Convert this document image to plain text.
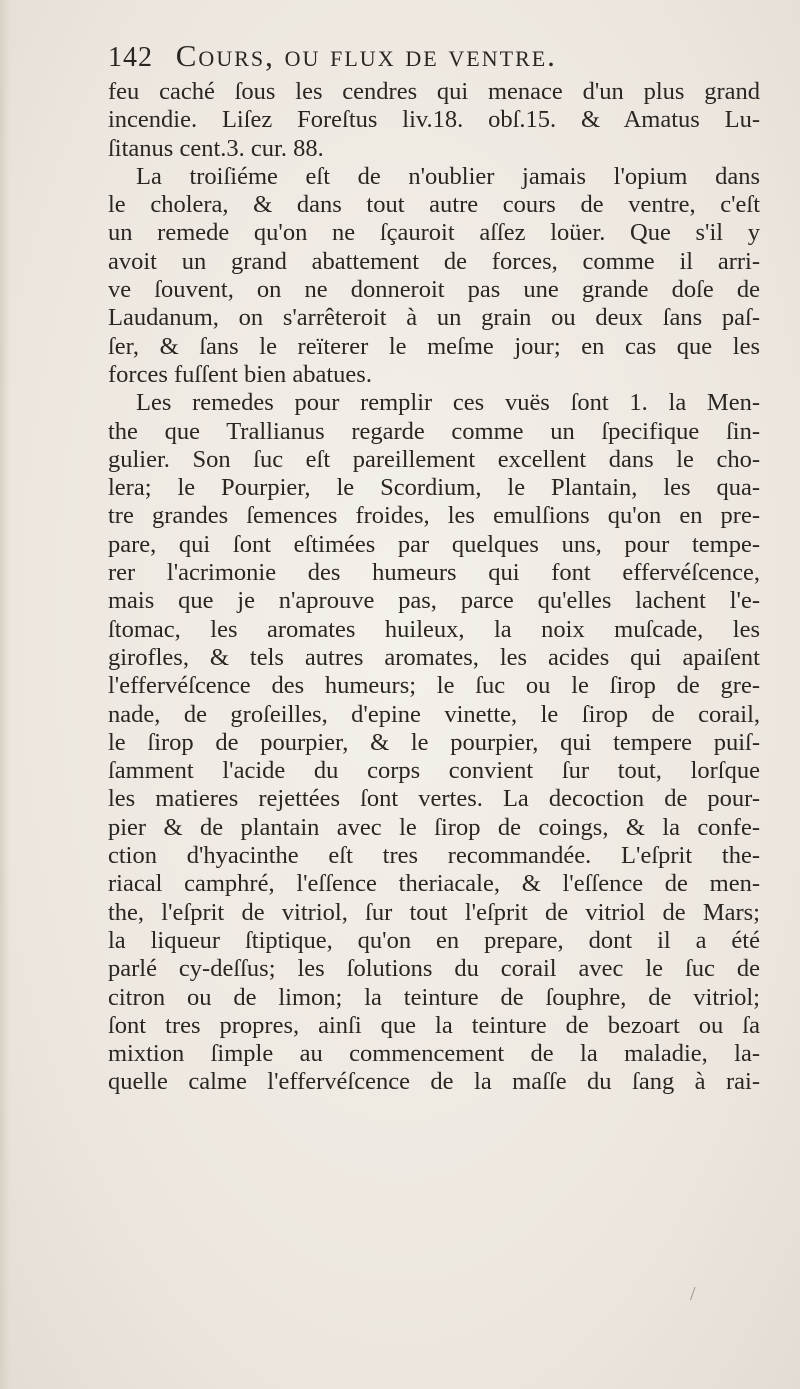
142 Cours, ou flux de ventre.
feu caché ſous les cendres qui menace d'un plus grand
incendie. Liſez Foreſtus liv.18. obſ.15. & Amatus Lu-
ſitanus cent.3. cur. 88.
La troiſiéme eſt de n'oublier jamais l'opium dans
le cholera, & dans tout autre cours de ventre, c'eſt
un remede qu'on ne ſçauroit aſſez loüer. Que s'il y
avoit un grand abattement de forces, comme il arri-
ve ſouvent, on ne donneroit pas une grande doſe de
Laudanum, on s'arrêteroit à un grain ou deux ſans paſ-
ſer, & ſans le reïterer le meſme jour; en cas que les
forces fuſſent bien abatues.
Les remedes pour remplir ces vuës ſont 1. la Men-
the que Trallianus regarde comme un ſpecifique ſin-
gulier. Son ſuc eſt pareillement excellent dans le cho-
lera; le Pourpier, le Scordium, le Plantain, les qua-
tre grandes ſemences froides, les emulſions qu'on en pre-
pare, qui ſont eſtimées par quelques uns, pour tempe-
rer l'acrimonie des humeurs qui font effervéſcence,
mais que je n'aprouve pas, parce qu'elles lachent l'e-
ſtomac, les aromates huileux, la noix muſcade, les
girofles, & tels autres aromates, les acides qui apaiſent
l'effervéſcence des humeurs; le ſuc ou le ſirop de gre-
nade, de groſeilles, d'epine vinette, le ſirop de corail,
le ſirop de pourpier, & le pourpier, qui tempere puiſ-
ſamment l'acide du corps convient ſur tout, lorſque
les matieres rejettées ſont vertes. La decoction de pour-
pier & de plantain avec le ſirop de coings, & la confe-
ction d'hyacinthe eſt tres recommandée. L'eſprit the-
riacal camphré, l'eſſence theriacale, & l'eſſence de men-
the, l'eſprit de vitriol, ſur tout l'eſprit de vitriol de Mars;
la liqueur ſtiptique, qu'on en prepare, dont il a été
parlé cy-deſſus; les ſolutions du corail avec le ſuc de
citron ou de limon; la teinture de ſouphre, de vitriol;
ſont tres propres, ainſi que la teinture de bezoart ou ſa
mixtion ſimple au commencement de la maladie, la-
quelle calme l'effervéſcence de la maſſe du ſang à rai-
/
